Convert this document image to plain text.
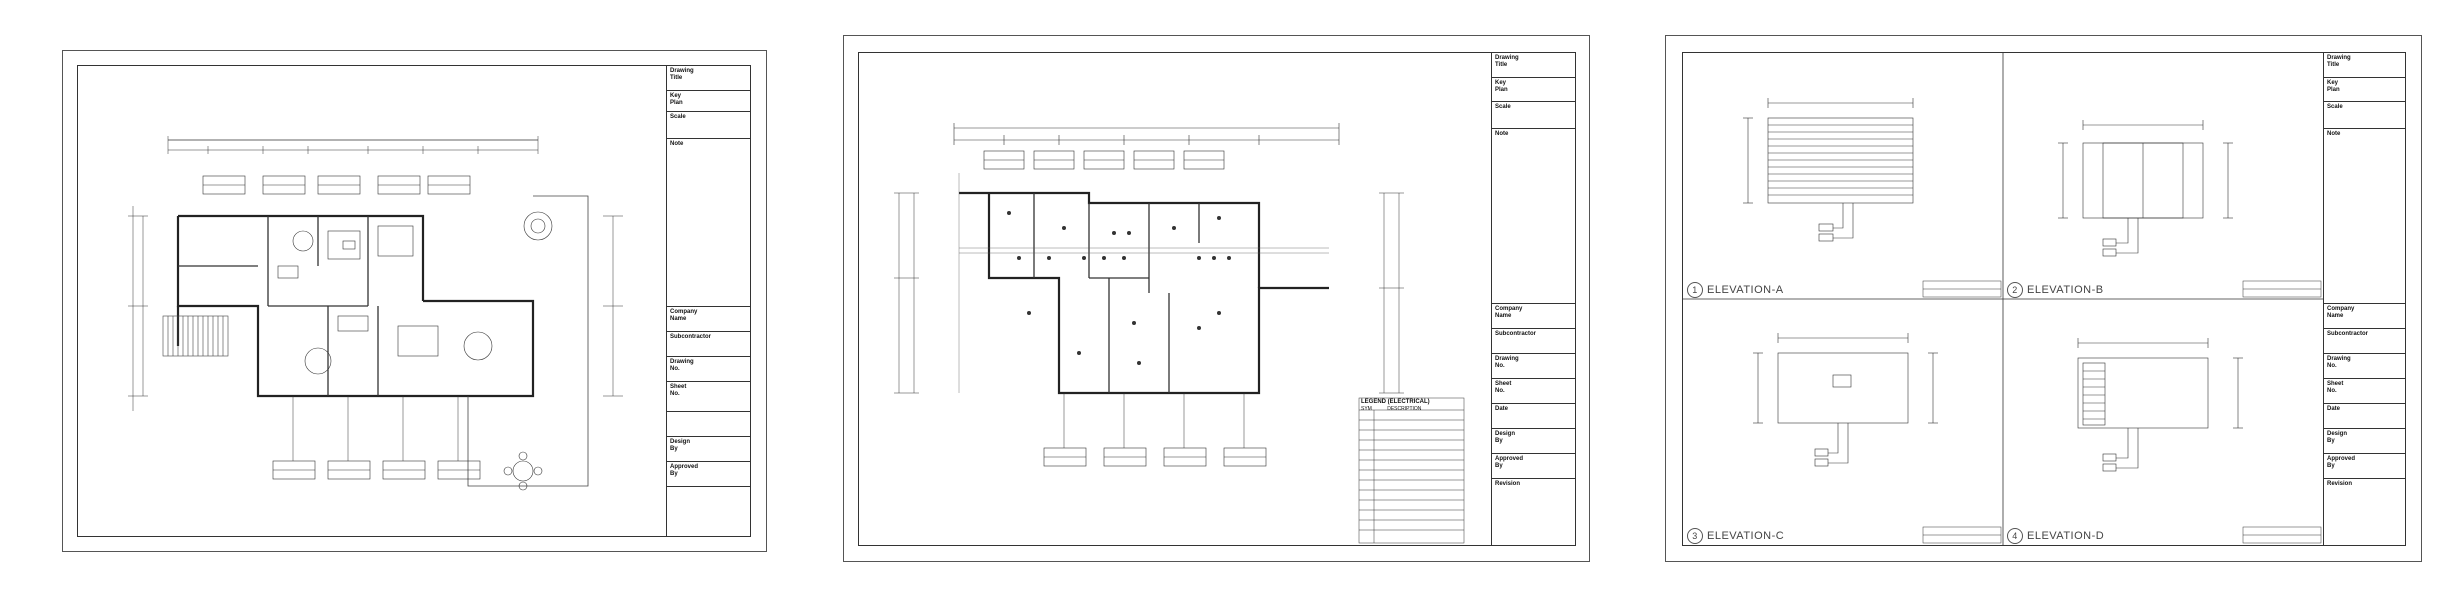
Drawing
Title
Key
Plan
Scale
Note
Company
Name
Subcontractor
Drawing
No.
Sheet
No.
Design
By
Approved
By
LEGEND (ELECTRICAL)
SYM	DESCRIPTION
Drawing
Title
Key
Plan
Scale
Note
Company
Name
Subcontractor
Drawing
No.
Sheet
No.
Date
Design
By
Approved
By
Revision
1 ELEVATION-A	2 ELEVATION-B
3 ELEVATION-C	4 ELEVATION-D
Drawing
Title
Key
Plan
Scale
Note
Company
Name
Subcontractor
Drawing
No.
Sheet
No.
Date
Design
By
Approved
By
Revision
